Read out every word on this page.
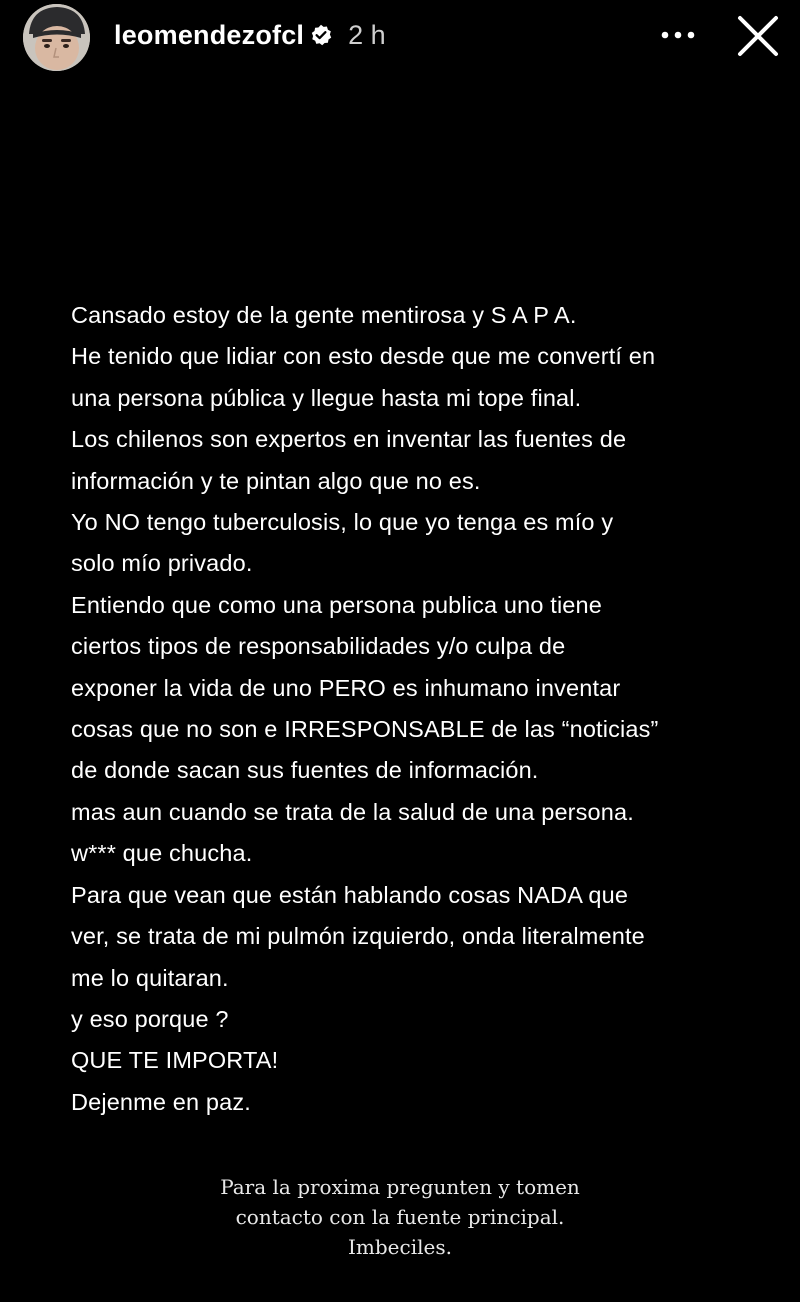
leomendezofcl 2 h
Cansado estoy de la gente mentirosa y S A P A.
He tenido que lidiar con esto desde que me convertí en
una persona pública y llegue hasta mi tope final.
Los chilenos son expertos en inventar las fuentes de
información y te pintan algo que no es.
Yo NO tengo tuberculosis, lo que yo tenga es mío y
solo mío privado.
Entiendo que como una persona publica uno tiene
ciertos tipos de responsabilidades y/o culpa de
exponer la vida de uno PERO es inhumano inventar
cosas que no son e IRRESPONSABLE de las “noticias”
de donde sacan sus fuentes de información.
mas aun cuando se trata de la salud de una persona.
w*** que chucha.
Para que vean que están hablando cosas NADA que
ver, se trata de mi pulmón izquierdo, onda literalmente
me lo quitaran.
y eso porque ?
QUE TE IMPORTA!
Dejenme en paz.
Para la proxima pregunten y tomen
contacto con la fuente principal.
Imbeciles.
